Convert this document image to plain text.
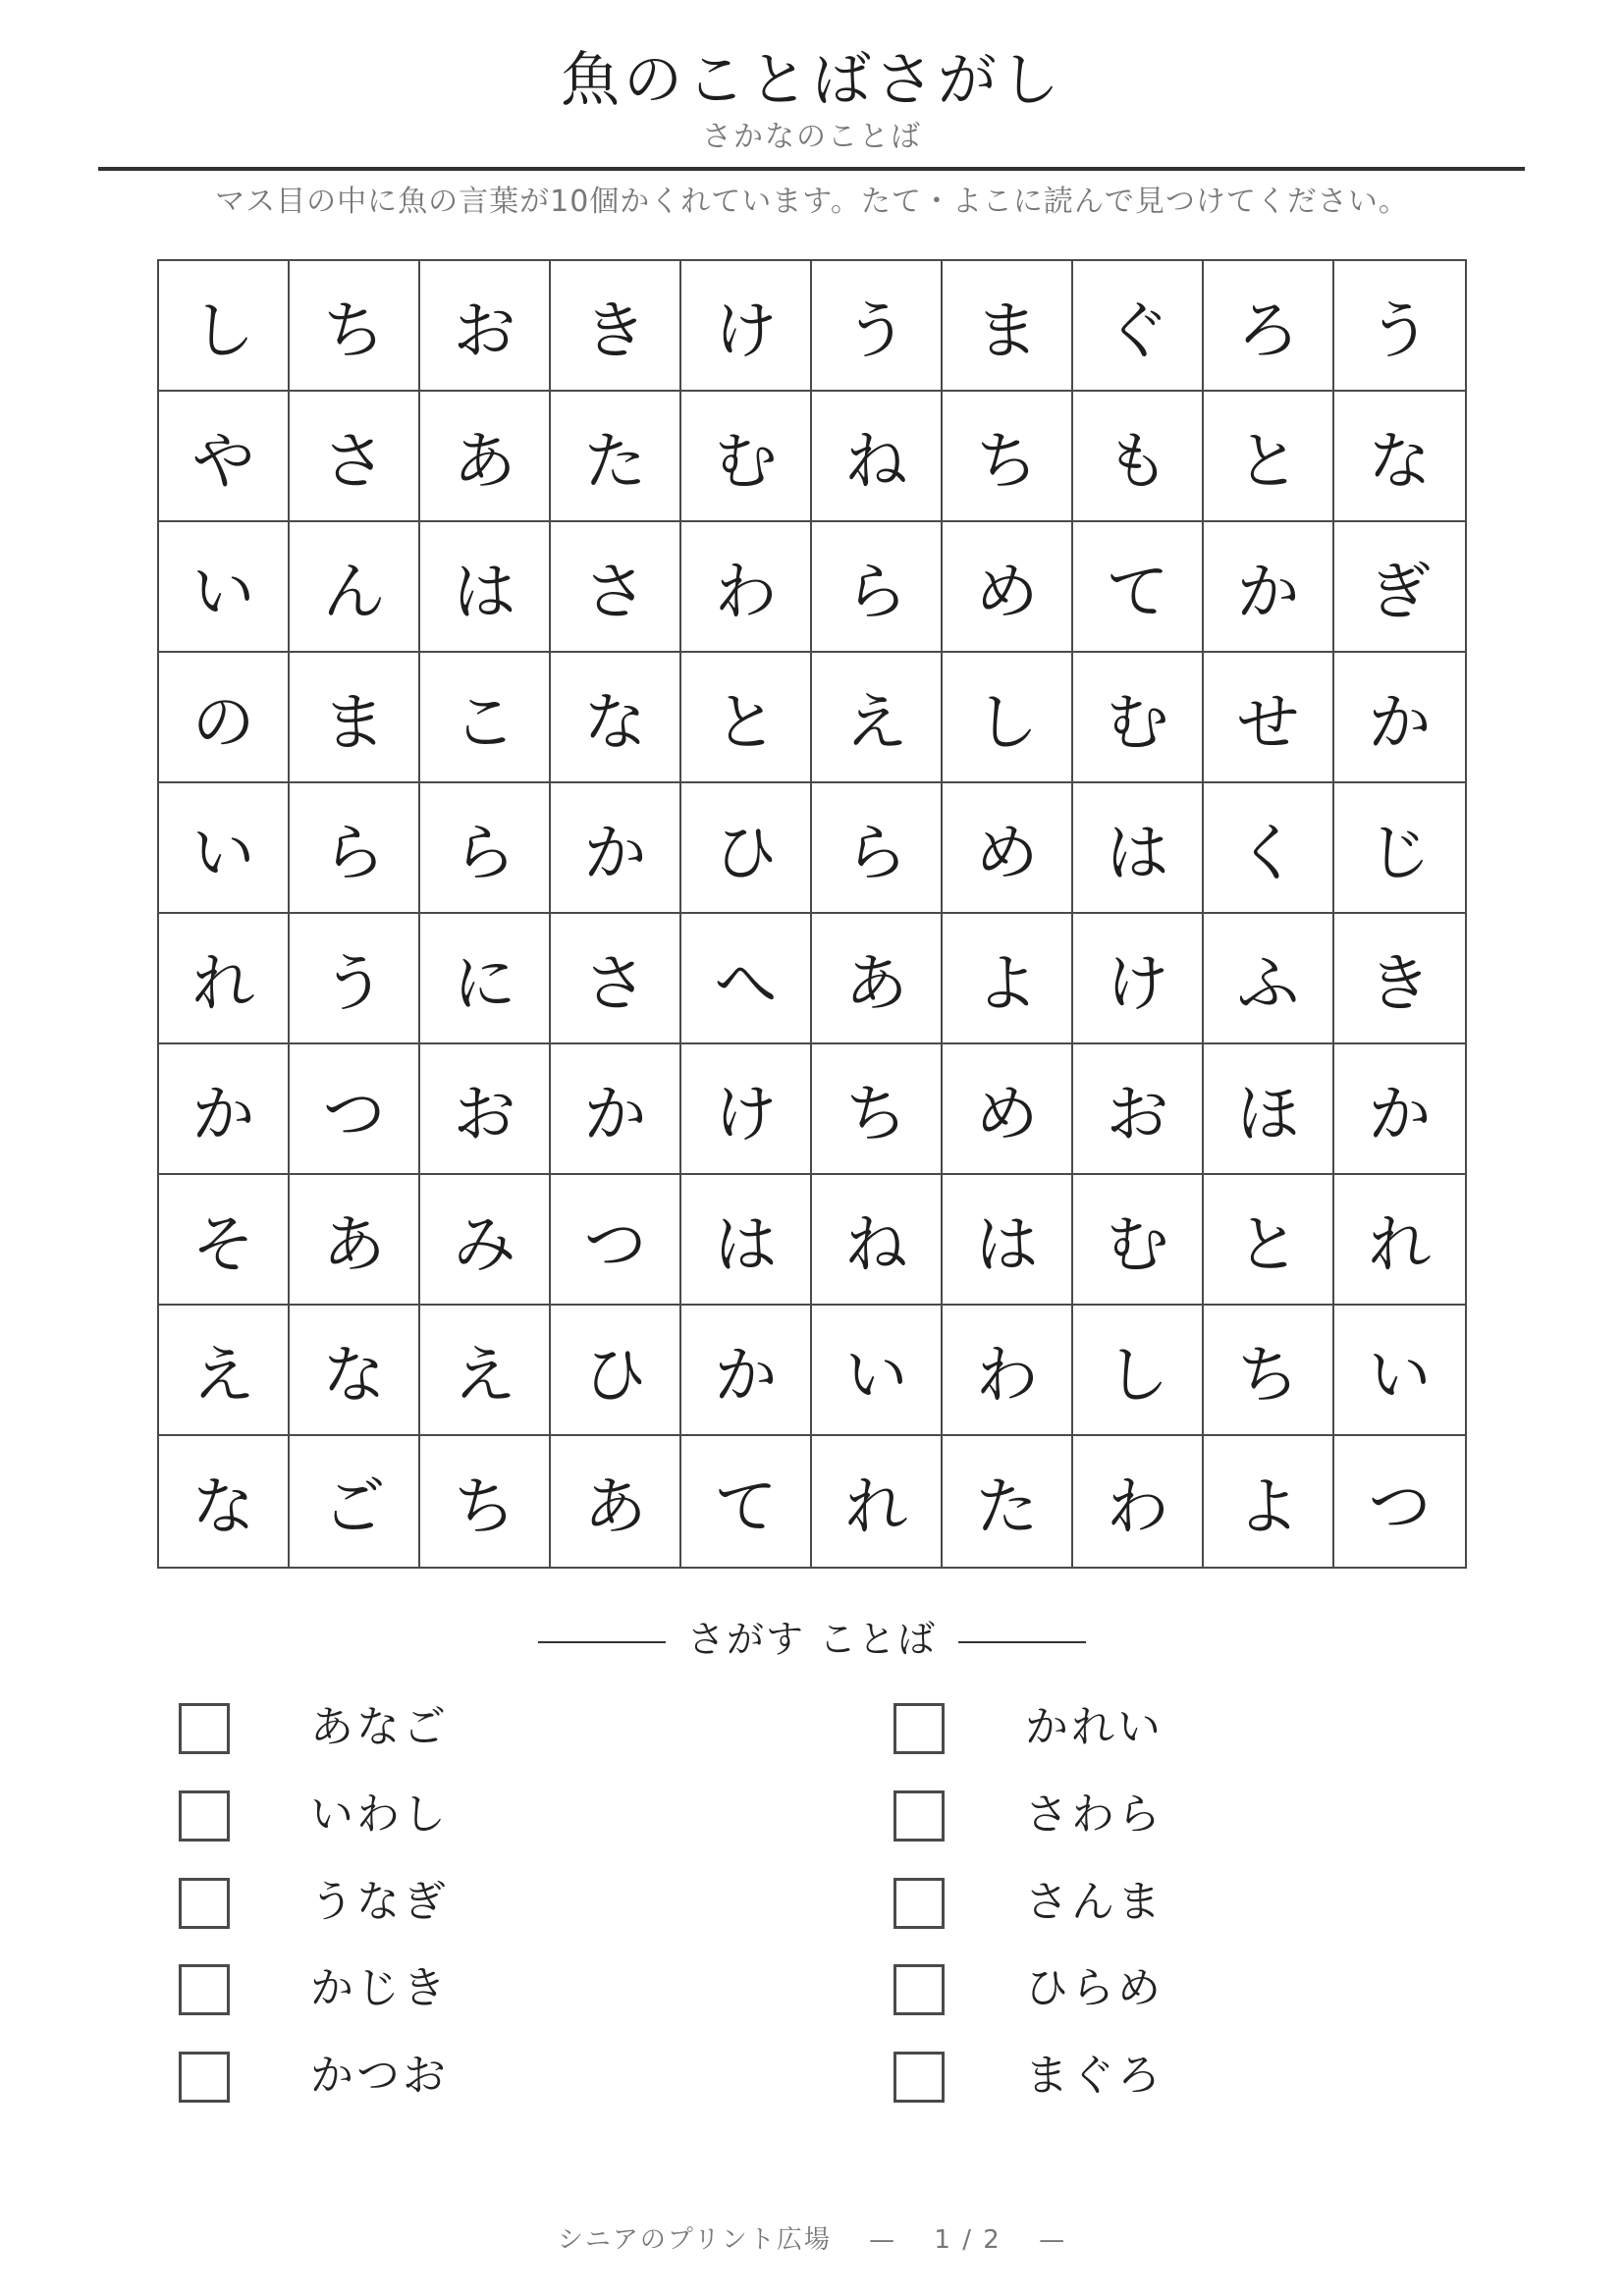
魚のことばさがし
さかなのことば
マス目の中に魚の言葉が10個かくれています。たて・よこに読んで見つけてください。
し	ち	お	き	け	う	ま	ぐ	ろ	う
や	さ	あ	た	む	ね	ち	も	と	な
い	ん	は	さ	わ	ら	め	て	か	ぎ
の	ま	こ	な	と	え	し	む	せ	か
い	ら	ら	か	ひ	ら	め	は	く	じ
れ	う	に	さ	へ	あ	よ	け	ふ	き
か	つ	お	か	け	ち	め	お	ほ	か
そ	あ	み	つ	は	ね	は	む	と	れ
え	な	え	ひ	か	い	わ	し	ち	い
な	ご	ち	あ	て	れ	た	わ	よ	つ
さがす ことば
あなご
いわし
うなぎ
かじき
かつお
かれい
さわら
さんま
ひらめ
まぐろ
シニアのプリント広場 — 1 / 2 —
